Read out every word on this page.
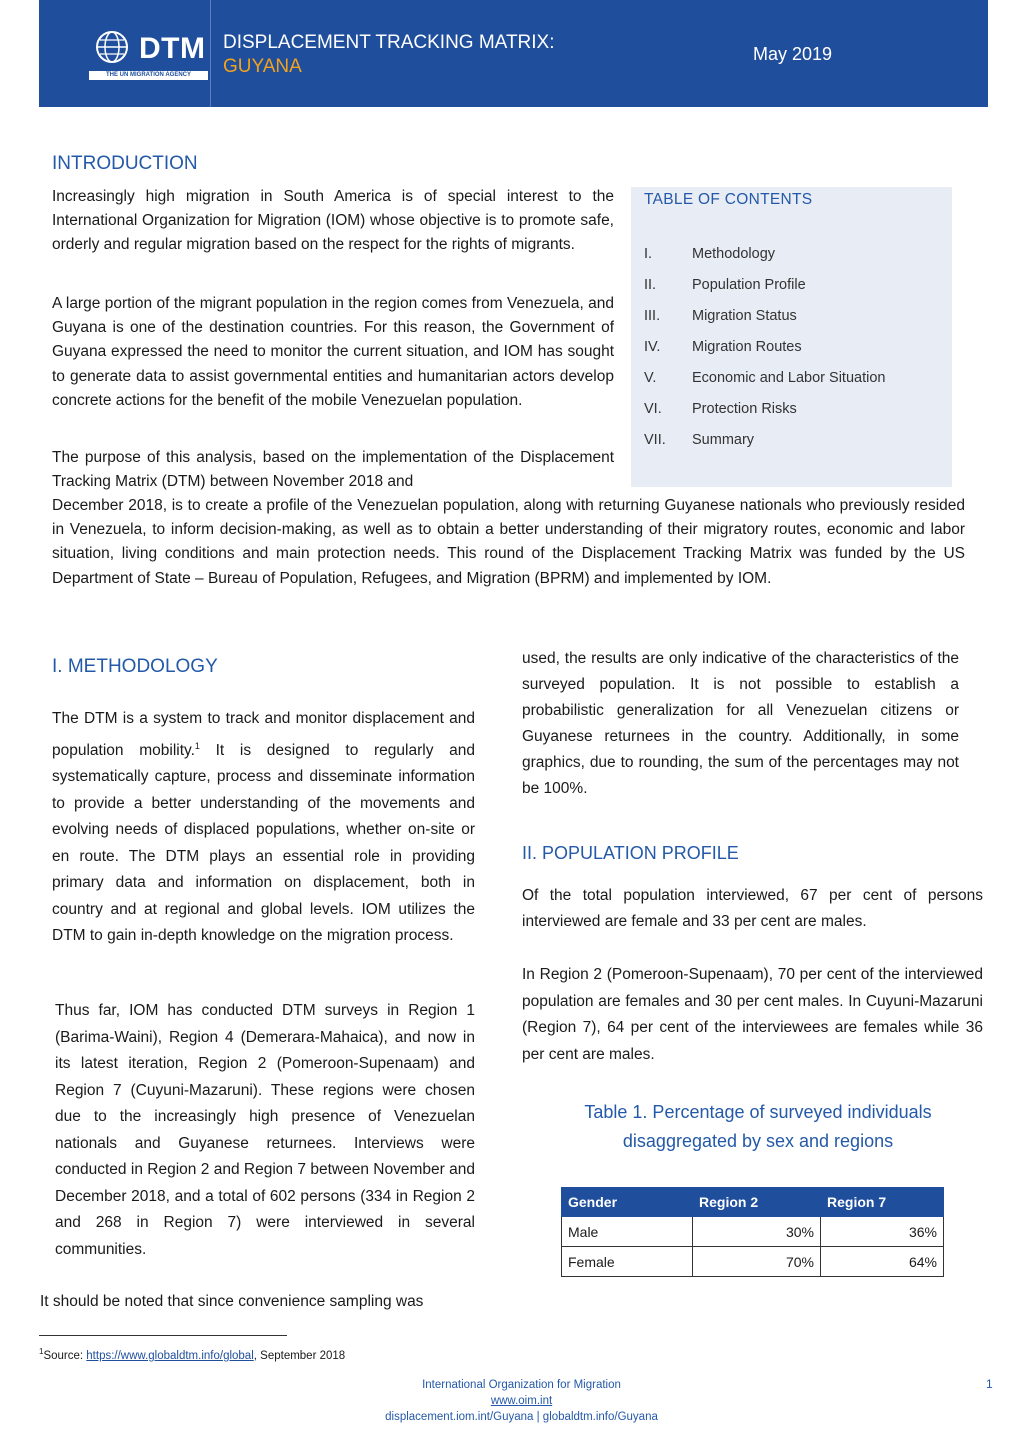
DTM
THE UN MIGRATION AGENCY
DISPLACEMENT TRACKING MATRIX:
GUYANA
May 2019
INTRODUCTION

Increasingly high migration in South America is of special interest to the International Organization for Migration (IOM) whose objective is to promote safe, orderly and regular migration based on the respect for the rights of migrants.

A large portion of the migrant population in the region comes from Venezuela, and Guyana is one of the destination countries. For this reason, the Government of Guyana expressed the need to monitor the current situation, and IOM has sought to generate data to assist governmental entities and humanitarian actors develop concrete actions for the benefit of the mobile Venezuelan population.

The purpose of this analysis, based on the implementation of the Displacement Tracking Matrix (DTM) between November 2018 and

December 2018, is to create a profile of the Venezuelan population, along with returning Guyanese nationals who previously resided in Venezuela, to inform decision-making, as well as to obtain a better understanding of their migratory routes, economic and labor situation, living conditions and main protection needs. This round of the Displacement Tracking Matrix was funded by the US Department of State – Bureau of Population, Refugees, and Migration (BPRM) and implemented by IOM.

TABLE OF CONTENTS
I.	Methodology
II.	Population Profile
III.	Migration Status
IV.	Migration Routes
V.	Economic and Labor Situation
VI.	Protection Risks
VII.	Summary
I. METHODOLOGY

The DTM is a system to track and monitor displacement and population mobility.$^1$ It is designed to regularly and systematically capture, process and disseminate information to provide a better understanding of the movements and evolving needs of displaced populations, whether on-site or en route. The DTM plays an essential role in providing primary data and information on displacement, both in country and at regional and global levels. IOM utilizes the DTM to gain in-depth knowledge on the migration process.

Thus far, IOM has conducted DTM surveys in Region 1 (Barima-Waini), Region 4 (Demerara-Mahaica), and now in its latest iteration, Region 2 (Pomeroon-Supenaam) and Region 7 (Cuyuni-Mazaruni). These regions were chosen due to the increasingly high presence of Venezuelan nationals and Guyanese returnees. Interviews were conducted in Region 2 and Region 7 between November and December 2018, and a total of 602 persons (334 in Region 2 and 268 in Region 7) were interviewed in several communities.

It should be noted that since convenience sampling was

used, the results are only indicative of the characteristics of the surveyed population. It is not possible to establish a probabilistic generalization for all Venezuelan citizens or Guyanese returnees in the country. Additionally, in some graphics, due to rounding, the sum of the percentages may not be 100%.

II. POPULATION PROFILE

Of the total population interviewed, 67 per cent of persons interviewed are female and 33 per cent are males.

In Region 2 (Pomeroon-Supenaam), 70 per cent of the interviewed population are females and 30 per cent males. In Cuyuni-Mazaruni (Region 7), 64 per cent of the interviewees are females while 36 per cent are males.

Table 1. Percentage of surveyed individuals disaggregated by sex and regions

Gender	Region 2	Region 7
Male	30%	36%
Female	70%	64%
$^1$Source: https://www.globaldtm.info/global, September 2018
International Organization for Migration
www.oim.int
displacement.iom.int/Guyana | globaldtm.info/Guyana
1
